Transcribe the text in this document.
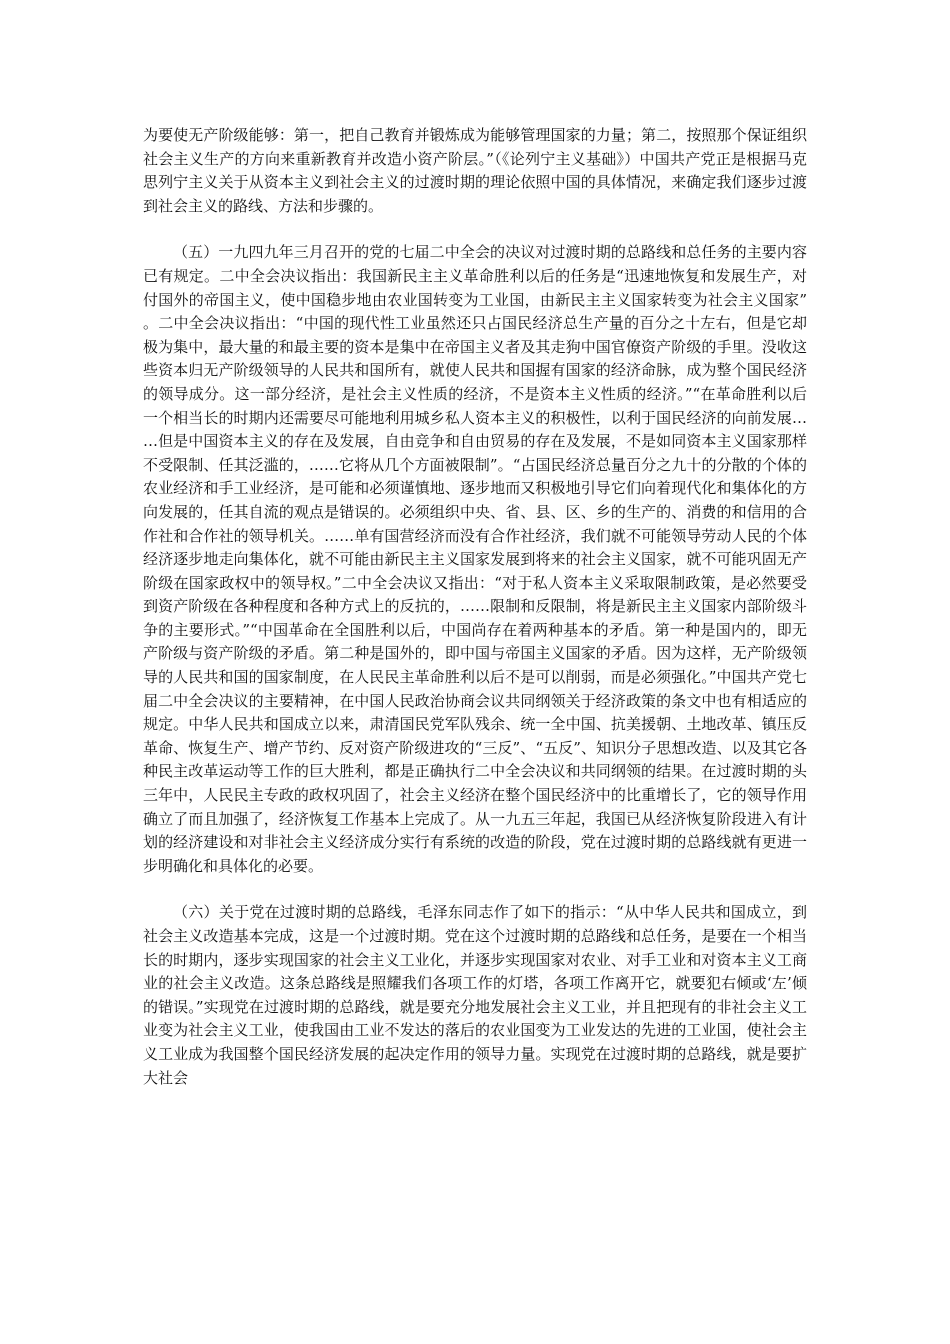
为要使无产阶级能够：第一，把自己教育并锻炼成为能够管理国家的力量；第二，按照那个保证组织社会主义生产的方向来重新教育并改造小资产阶层。”（《论列宁主义基础》）中国共产党正是根据马克思列宁主义关于从资本主义到社会主义的过渡时期的理论依照中国的具体情况，来确定我们逐步过渡到社会主义的路线、方法和步骤的。

（五）一九四九年三月召开的党的七届二中全会的决议对过渡时期的总路线和总任务的主要内容已有规定。二中全会决议指出：我国新民主主义革命胜利以后的任务是“迅速地恢复和发展生产，对付国外的帝国主义，使中国稳步地由农业国转变为工业国，由新民主主义国家转变为社会主义国家”。二中全会决议指出：“中国的现代性工业虽然还只占国民经济总生产量的百分之十左右，但是它却极为集中，最大量的和最主要的资本是集中在帝国主义者及其走狗中国官僚资产阶级的手里。没收这些资本归无产阶级领导的人民共和国所有，就使人民共和国握有国家的经济命脉，成为整个国民经济的领导成分。这一部分经济，是社会主义性质的经济，不是资本主义性质的经济。”“在革命胜利以后一个相当长的时期内还需要尽可能地利用城乡私人资本主义的积极性，以利于国民经济的向前发展……但是中国资本主义的存在及发展，自由竞争和自由贸易的存在及发展，不是如同资本主义国家那样不受限制、任其泛滥的，……它将从几个方面被限制”。“占国民经济总量百分之九十的分散的个体的农业经济和手工业经济，是可能和必须谨慎地、逐步地而又积极地引导它们向着现代化和集体化的方向发展的，任其自流的观点是错误的。必须组织中央、省、县、区、乡的生产的、消费的和信用的合作社和合作社的领导机关。……单有国营经济而没有合作社经济，我们就不可能领导劳动人民的个体经济逐步地走向集体化，就不可能由新民主主义国家发展到将来的社会主义国家，就不可能巩固无产阶级在国家政权中的领导权。”二中全会决议又指出：“对于私人资本主义采取限制政策，是必然要受到资产阶级在各种程度和各种方式上的反抗的，……限制和反限制，将是新民主主义国家内部阶级斗争的主要形式。”“中国革命在全国胜利以后，中国尚存在着两种基本的矛盾。第一种是国内的，即无产阶级与资产阶级的矛盾。第二种是国外的，即中国与帝国主义国家的矛盾。因为这样，无产阶级领导的人民共和国的国家制度，在人民民主革命胜利以后不是可以削弱，而是必须强化。”中国共产党七届二中全会决议的主要精神，在中国人民政治协商会议共同纲领关于经济政策的条文中也有相适应的规定。中华人民共和国成立以来，肃清国民党军队残余、统一全中国、抗美援朝、土地改革、镇压反革命、恢复生产、增产节约、反对资产阶级进攻的“三反”、“五反”、知识分子思想改造、以及其它各种民主改革运动等工作的巨大胜利，都是正确执行二中全会决议和共同纲领的结果。在过渡时期的头三年中，人民民主专政的政权巩固了，社会主义经济在整个国民经济中的比重增长了，它的领导作用确立了而且加强了，经济恢复工作基本上完成了。从一九五三年起，我国已从经济恢复阶段进入有计划的经济建设和对非社会主义经济成分实行有系统的改造的阶段，党在过渡时期的总路线就有更进一步明确化和具体化的必要。

（六）关于党在过渡时期的总路线，毛泽东同志作了如下的指示：“从中华人民共和国成立，到社会主义改造基本完成，这是一个过渡时期。党在这个过渡时期的总路线和总任务，是要在一个相当长的时期内，逐步实现国家的社会主义工业化，并逐步实现国家对农业、对手工业和对资本主义工商业的社会主义改造。这条总路线是照耀我们各项工作的灯塔，各项工作离开它，就要犯右倾或‘左’倾的错误。”实现党在过渡时期的总路线，就是要充分地发展社会主义工业，并且把现有的非社会主义工业变为社会主义工业，使我国由工业不发达的落后的农业国变为工业发达的先进的工业国，使社会主义工业成为我国整个国民经济发展的起决定作用的领导力量。实现党在过渡时期的总路线，就是要扩大社会
